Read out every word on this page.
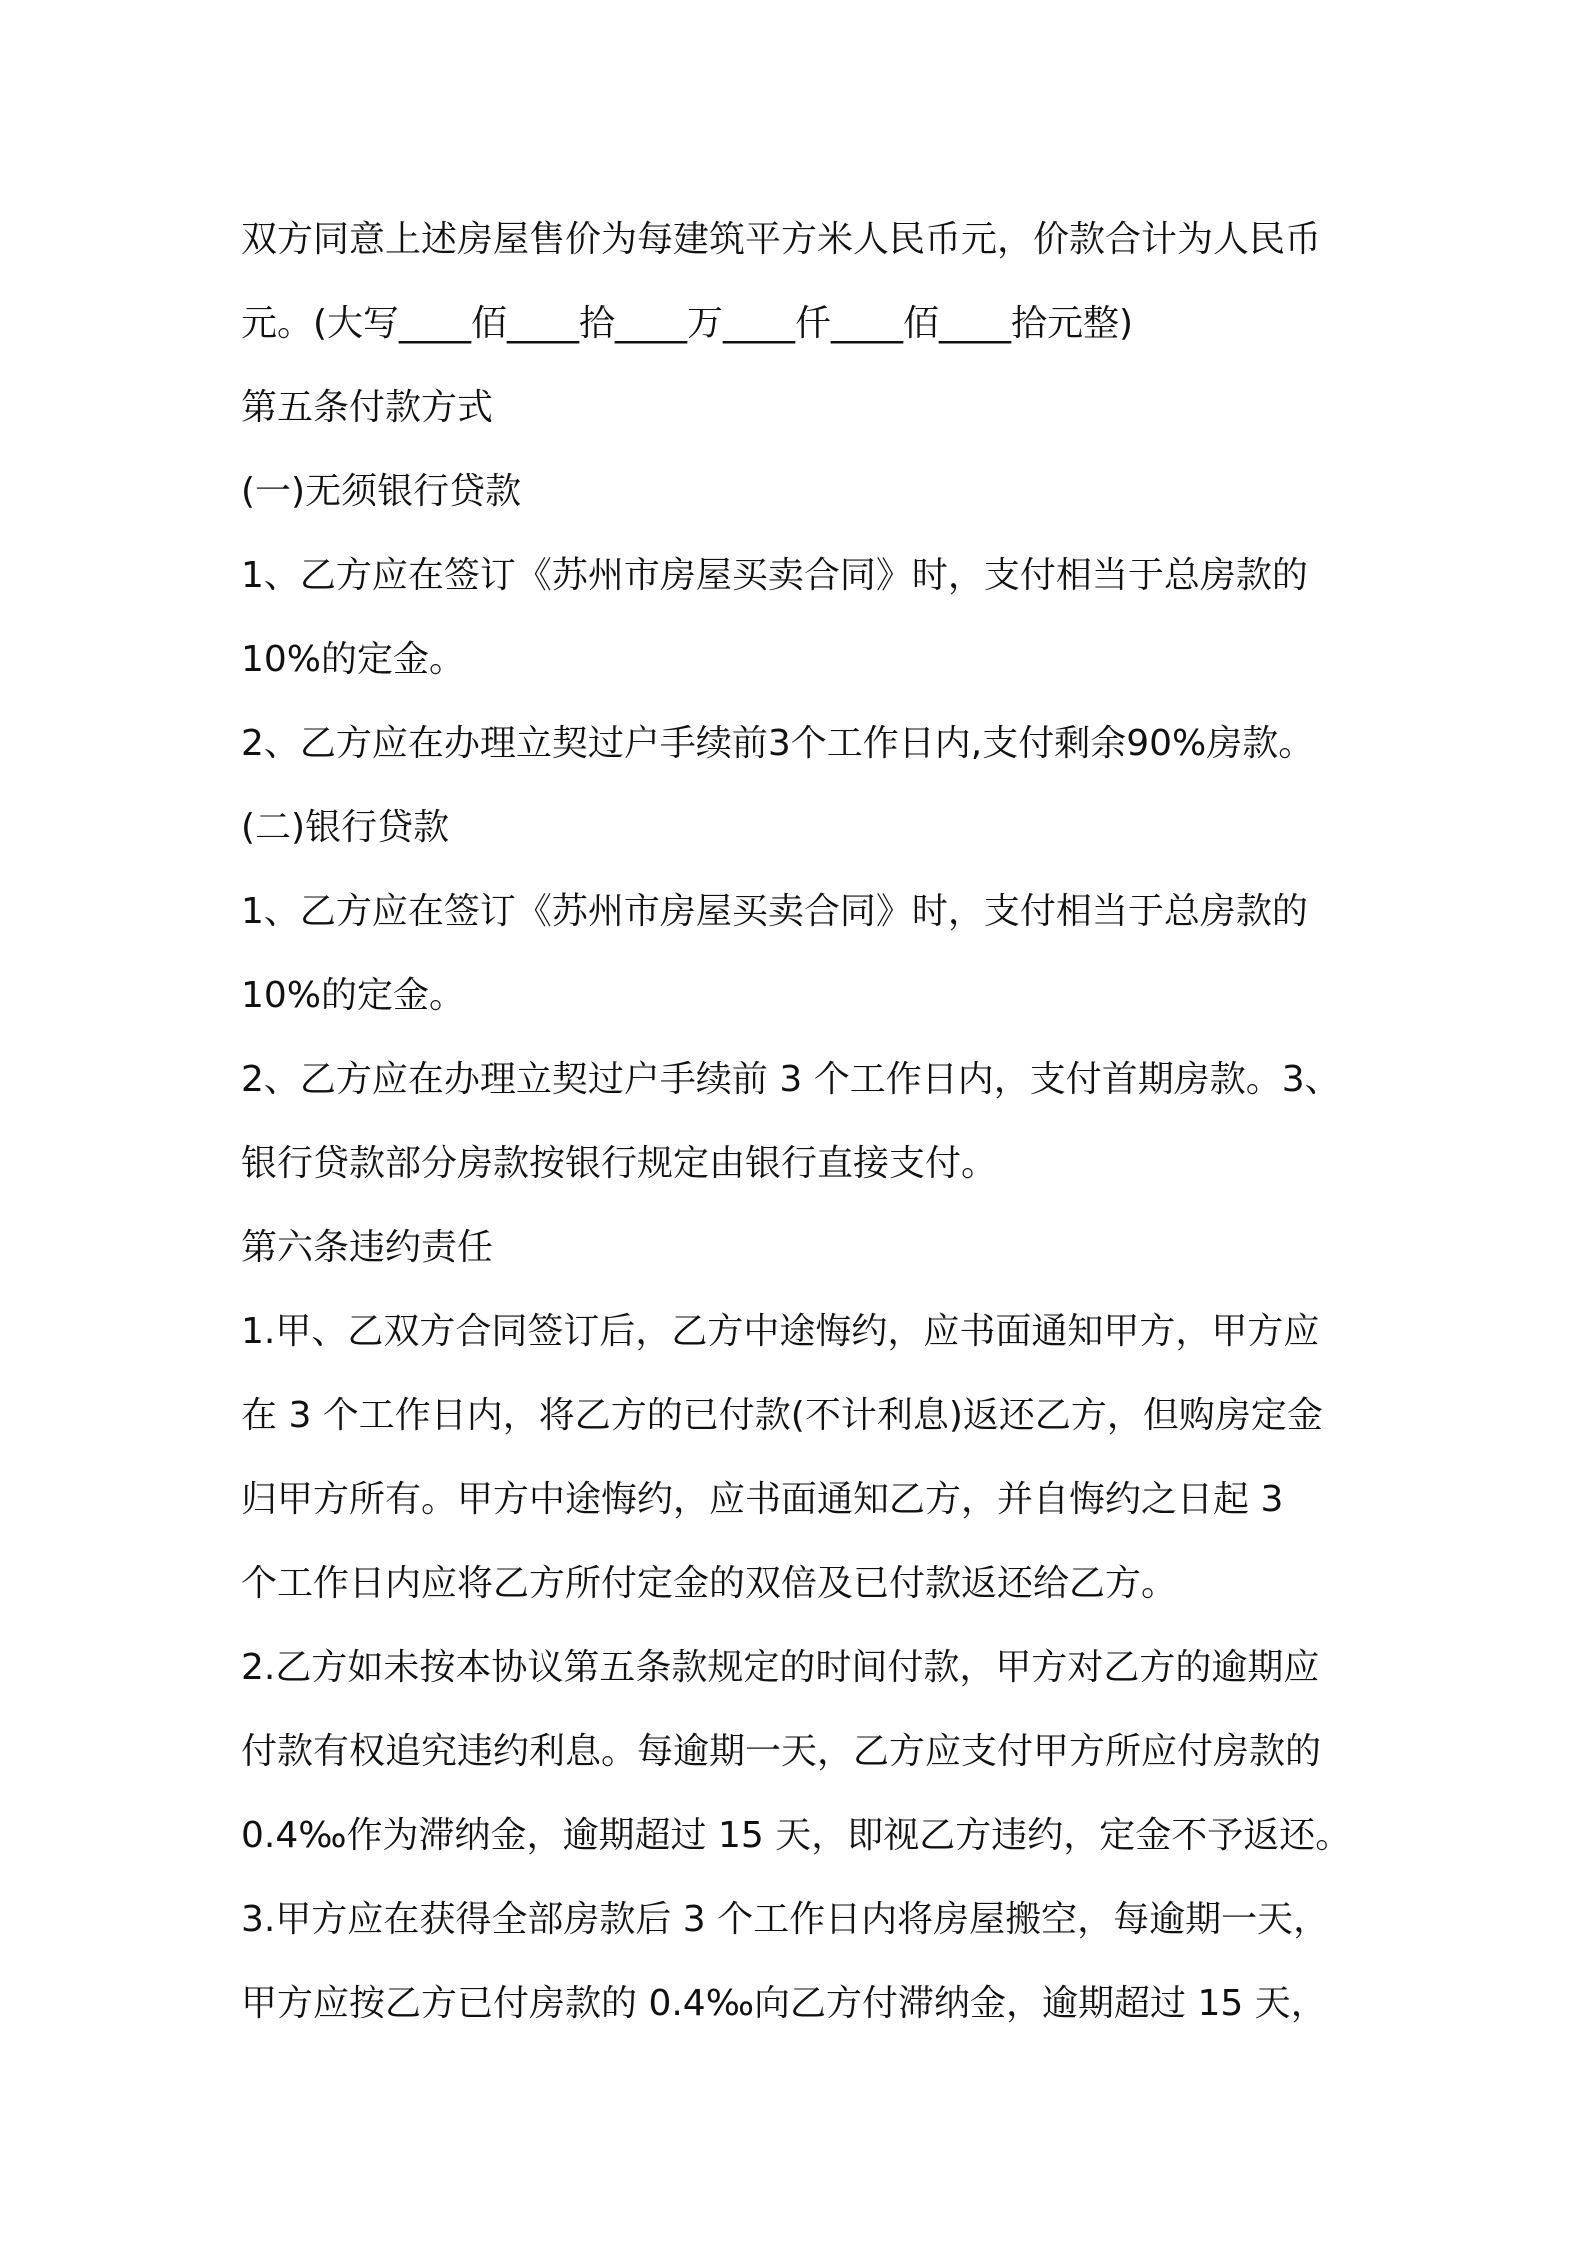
双方同意上述房屋售价为每建筑平方米人民币元，价款合计为人民币

元。(大写____佰____拾____万____仟____佰____拾元整)

第五条付款方式

(一)无须银行贷款

1、乙方应在签订《苏州市房屋买卖合同》时，支付相当于总房款的

10%的定金。

2、乙方应在办理立契过户手续前3个工作日内,支付剩余90%房款。

(二)银行贷款

1、乙方应在签订《苏州市房屋买卖合同》时，支付相当于总房款的

10%的定金。

2、乙方应在办理立契过户手续前 3 个工作日内，支付首期房款。3、

银行贷款部分房款按银行规定由银行直接支付。

第六条违约责任

1.甲、乙双方合同签订后，乙方中途悔约，应书面通知甲方，甲方应

在 3 个工作日内，将乙方的已付款(不计利息)返还乙方，但购房定金

归甲方所有。甲方中途悔约，应书面通知乙方，并自悔约之日起 3

个工作日内应将乙方所付定金的双倍及已付款返还给乙方。

2.乙方如未按本协议第五条款规定的时间付款，甲方对乙方的逾期应

付款有权追究违约利息。每逾期一天，乙方应支付甲方所应付房款的

0.4‰作为滞纳金，逾期超过 15 天，即视乙方违约，定金不予返还。

3.甲方应在获得全部房款后 3 个工作日内将房屋搬空，每逾期一天，

甲方应按乙方已付房款的 0.4‰向乙方付滞纳金，逾期超过 15 天，
